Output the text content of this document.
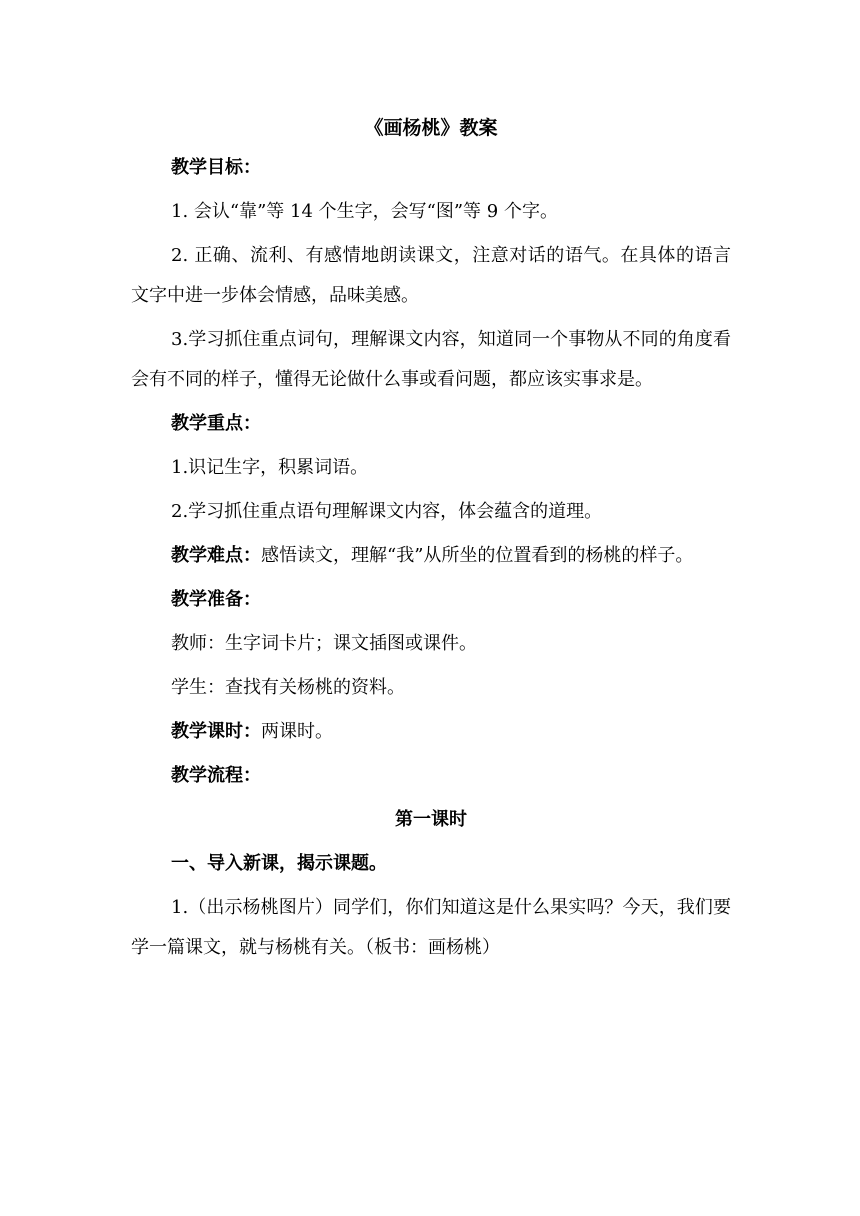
《画杨桃》教案

教学目标：

1. 会认“靠”等 14 个生字，会写“图”等 9 个字。

2. 正确、流利、有感情地朗读课文，注意对话的语气。在具体的语言文字中进一步体会情感，品味美感。

3.学习抓住重点词句，理解课文内容，知道同一个事物从不同的角度看会有不同的样子，懂得无论做什么事或看问题，都应该实事求是。

教学重点：

1.识记生字，积累词语。

2.学习抓住重点语句理解课文内容，体会蕴含的道理。

教学难点：感悟读文，理解“我”从所坐的位置看到的杨桃的样子。

教学准备：

教师：生字词卡片；课文插图或课件。

学生：查找有关杨桃的资料。

教学课时：两课时。

教学流程：

第一课时

一、导入新课，揭示课题。

1.（出示杨桃图片）同学们，你们知道这是什么果实吗？今天，我们要学一篇课文，就与杨桃有关。（板书：画杨桃）
